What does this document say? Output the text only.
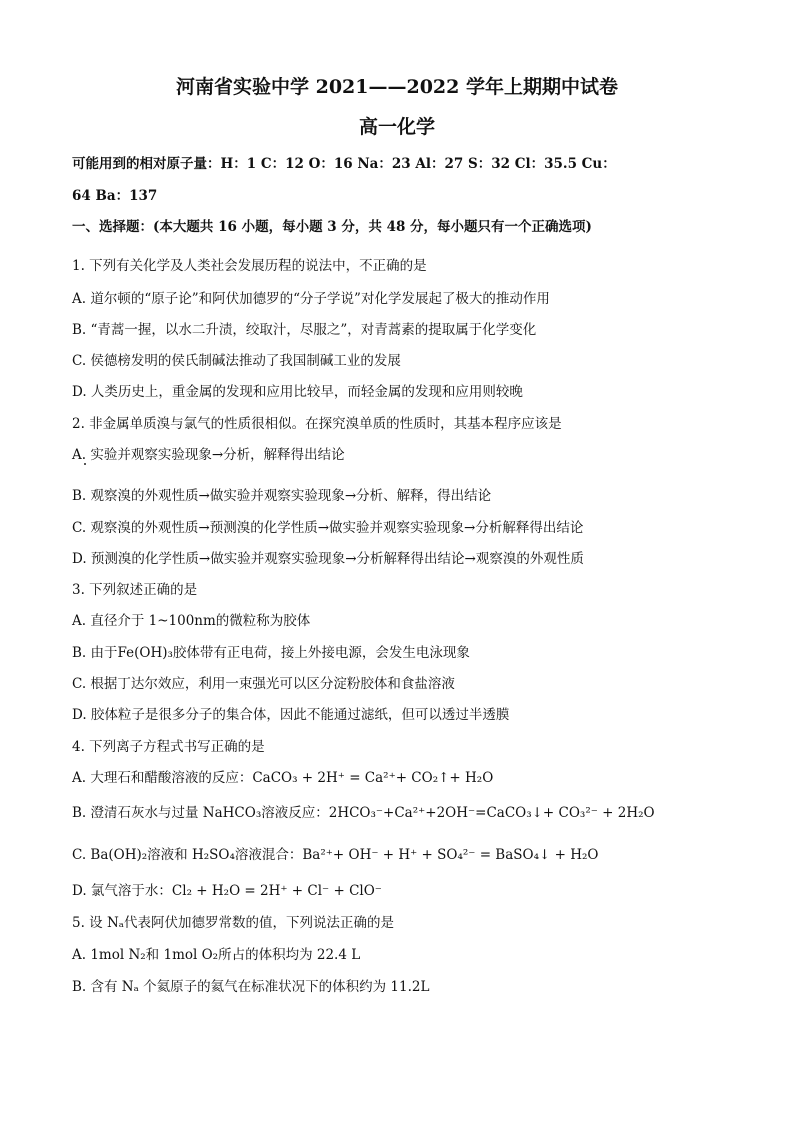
河南省实验中学 2021——2022 学年上期期中试卷
高一化学
可能用到的相对原子量：H：1 C：12 O：16 Na：23 Al：27 S：32 Cl：35.5 Cu：
64 Ba：137
一、选择题：(本大题共 16 小题，每小题 3 分，共 48 分，每小题只有一个正确选项)
1. 下列有关化学及人类社会发展历程的说法中，不正确的是
A. 道尔顿的“原子论”和阿伏加德罗的“分子学说”对化学发展起了极大的推动作用
B. “青蒿一握，以水二升渍，绞取汁，尽服之”，对青蒿素的提取属于化学变化
C. 侯德榜发明的侯氏制碱法推动了我国制碱工业的发展
D. 人类历史上，重金属的发现和应用比较早，而轻金属的发现和应用则较晚
2. 非金属单质溴与氯气的性质很相似。在探究溴单质的性质时，其基本程序应该是
A. 实验并观察实验现象→分析，解释得出结论
B. 观察溴的外观性质→做实验并观察实验现象→分析、解释，得出结论
C. 观察溴的外观性质→预测溴的化学性质→做实验并观察实验现象→分析解释得出结论
D. 预测溴的化学性质→做实验并观察实验现象→分析解释得出结论→观察溴的外观性质
3. 下列叙述正确的是
A. 直径介于 1~100nm的微粒称为胶体
B. 由于Fe(OH)₃胶体带有正电荷，接上外接电源，会发生电泳现象
C. 根据丁达尔效应，利用一束强光可以区分淀粉胶体和食盐溶液
D. 胶体粒子是很多分子的集合体，因此不能通过滤纸，但可以透过半透膜
4. 下列离子方程式书写正确的是
A. 大理石和醋酸溶液的反应：CaCO₃ + 2H⁺ = Ca²⁺+ CO₂↑+ H₂O
B. 澄清石灰水与过量 NaHCO₃溶液反应：2HCO₃⁻+Ca²⁺+2OH⁻=CaCO₃↓+ CO₃²⁻ + 2H₂O
C. Ba(OH)₂溶液和 H₂SO₄溶液混合：Ba²⁺+ OH⁻ + H⁺ + SO₄²⁻ = BaSO₄↓ + H₂O
D. 氯气溶于水：Cl₂ + H₂O = 2H⁺ + Cl⁻ + ClO⁻
5. 设 Nₐ代表阿伏加德罗常数的值，下列说法正确的是
A. 1mol N₂和 1mol O₂所占的体积均为 22.4 L
B. 含有 Nₐ 个氦原子的氦气在标准状况下的体积约为 11.2L
